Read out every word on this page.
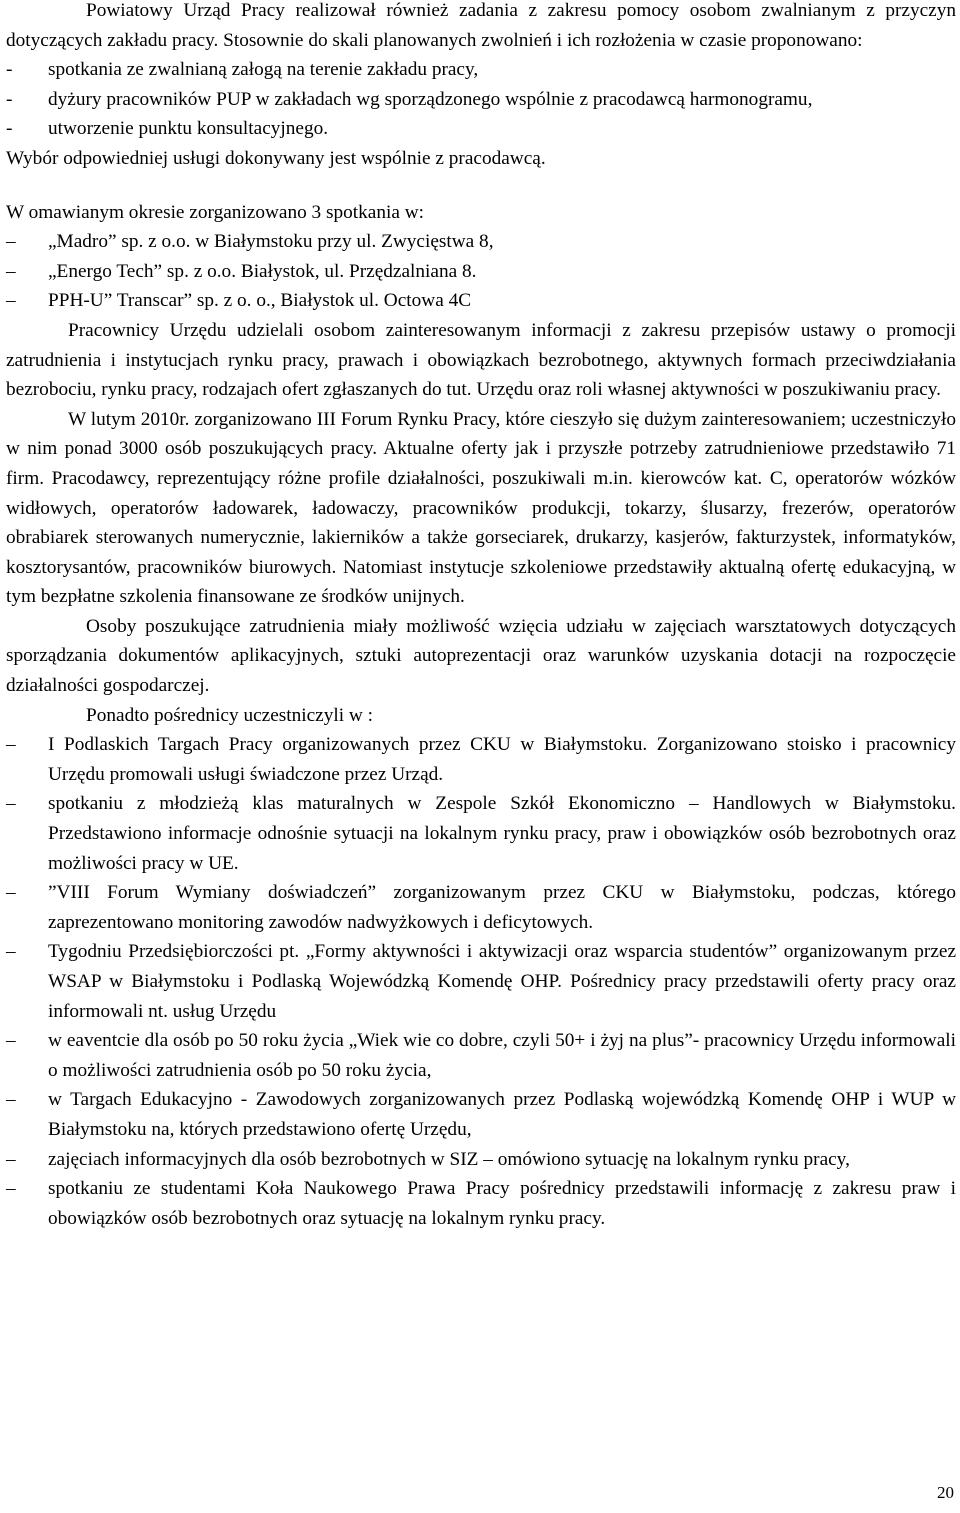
Powiatowy Urząd Pracy realizował również zadania z zakresu pomocy osobom zwalnianym z przyczyn dotyczących zakładu pracy. Stosownie do skali planowanych zwolnień i ich rozłożenia w czasie proponowano:

-	spotkania ze zwalnianą załogą na terenie zakładu pracy,
-	dyżury pracowników PUP w zakładach wg sporządzonego wspólnie z pracodawcą harmonogramu,
-	utworzenie punktu konsultacyjnego.

Wybór odpowiedniej usługi dokonywany jest wspólnie z pracodawcą.

W omawianym okresie zorganizowano 3 spotkania w:

–	„Madro” sp. z o.o. w Białymstoku przy ul. Zwycięstwa 8,
–	„Energo Tech” sp. z o.o. Białystok, ul. Przędzalniana 8.
–	PPH-U” Transcar” sp. z o. o., Białystok ul. Octowa 4C

Pracownicy Urzędu udzielali osobom zainteresowanym informacji z zakresu przepisów ustawy o promocji zatrudnienia i instytucjach rynku pracy, prawach i obowiązkach bezrobotnego, aktywnych formach przeciwdziałania bezrobociu, rynku pracy, rodzajach ofert zgłaszanych do tut. Urzędu oraz roli własnej aktywności w poszukiwaniu pracy.

W lutym 2010r. zorganizowano III Forum Rynku Pracy, które cieszyło się dużym zainteresowaniem; uczestniczyło w nim ponad 3000 osób poszukujących pracy. Aktualne oferty jak i przyszłe potrzeby zatrudnieniowe przedstawiło 71 firm. Pracodawcy, reprezentujący różne profile działalności, poszukiwali m.in. kierowców kat. C, operatorów wózków widłowych, operatorów ładowarek, ładowaczy, pracowników produkcji, tokarzy, ślusarzy, frezerów, operatorów obrabiarek sterowanych numerycznie, lakierników a także gorseciarek, drukarzy, kasjerów, fakturzystek, informatyków, kosztorysantów, pracowników biurowych. Natomiast instytucje szkoleniowe przedstawiły aktualną ofertę edukacyjną, w tym bezpłatne szkolenia finansowane ze środków unijnych.

Osoby poszukujące zatrudnienia miały możliwość wzięcia udziału w zajęciach warsztatowych dotyczących sporządzania dokumentów aplikacyjnych, sztuki autoprezentacji oraz warunków uzyskania dotacji na rozpoczęcie działalności gospodarczej.

Ponadto pośrednicy uczestniczyli w :

–	I Podlaskich Targach Pracy organizowanych przez CKU w Białymstoku. Zorganizowano stoisko i pracownicy Urzędu promowali usługi świadczone przez Urząd.
–	spotkaniu z młodzieżą klas maturalnych w Zespole Szkół Ekonomiczno – Handlowych w Białymstoku. Przedstawiono informacje odnośnie sytuacji na lokalnym rynku pracy, praw i obowiązków osób bezrobotnych oraz możliwości pracy w UE.
–	”VIII Forum Wymiany doświadczeń” zorganizowanym przez CKU w Białymstoku, podczas, którego zaprezentowano monitoring zawodów nadwyżkowych i deficytowych.
–	Tygodniu Przedsiębiorczości pt. „Formy aktywności i aktywizacji oraz wsparcia studentów” organizowanym przez WSAP w Białymstoku i Podlaską Wojewódzką Komendę OHP. Pośrednicy pracy przedstawili oferty pracy oraz informowali nt. usług Urzędu
–	w eaventcie dla osób po 50 roku życia „Wiek wie co dobre, czyli 50+ i żyj na plus”- pracownicy Urzędu informowali o możliwości zatrudnienia osób po 50 roku życia,
–	w Targach Edukacyjno - Zawodowych zorganizowanych przez Podlaską wojewódzką Komendę OHP i WUP w Białymstoku na, których przedstawiono ofertę Urzędu,
–	zajęciach informacyjnych dla osób bezrobotnych w SIZ – omówiono sytuację na lokalnym rynku pracy,
–	spotkaniu ze studentami Koła Naukowego Prawa Pracy pośrednicy przedstawili informację z zakresu praw i obowiązków osób bezrobotnych oraz sytuację na lokalnym rynku pracy.
20
